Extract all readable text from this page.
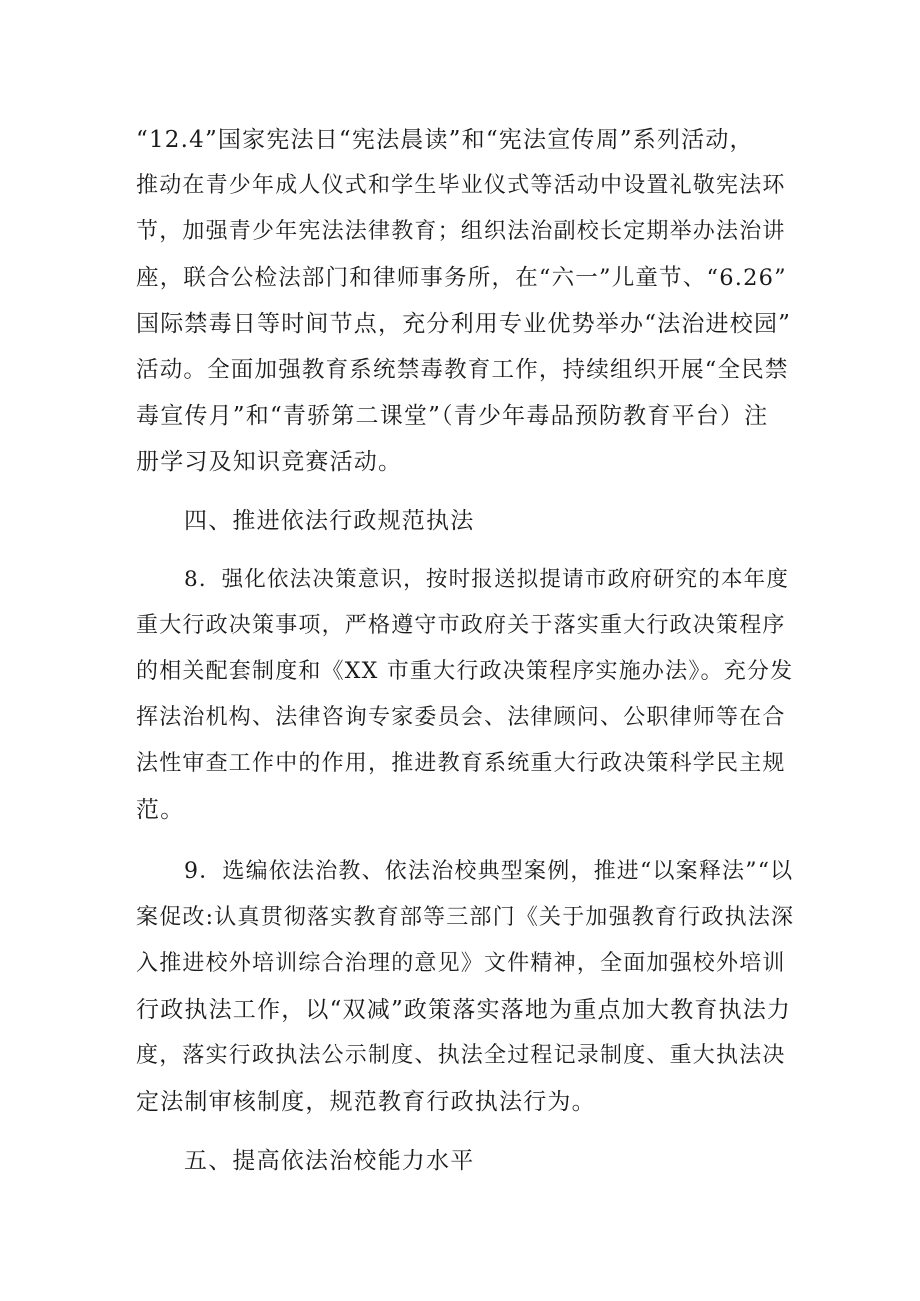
“12.4”国家宪法日“宪法晨读”和“宪法宣传周”系列活动，
推动在青少年成人仪式和学生毕业仪式等活动中设置礼敬宪法环
节，加强青少年宪法法律教育；组织法治副校长定期举办法治讲
座，联合公检法部门和律师事务所，在“六一”儿童节、“6.26”
国际禁毒日等时间节点，充分利用专业优势举办“法治进校园”
活动。全面加强教育系统禁毒教育工作，持续组织开展“全民禁
毒宣传月”和“青骄第二课堂”（青少年毒品预防教育平台）注
册学习及知识竞赛活动。
四、推进依法行政规范执法
8．强化依法决策意识，按时报送拟提请市政府研究的本年度
重大行政决策事项，严格遵守市政府关于落实重大行政决策程序
的相关配套制度和《XX 市重大行政决策程序实施办法》。充分发
挥法治机构、法律咨询专家委员会、法律顾问、公职律师等在合
法性审查工作中的作用，推进教育系统重大行政决策科学民主规
范。
9．选编依法治教、依法治校典型案例，推进“以案释法”“以
案促改:认真贯彻落实教育部等三部门《关于加强教育行政执法深
入推进校外培训综合治理的意见》文件精神，全面加强校外培训
行政执法工作，以“双减”政策落实落地为重点加大教育执法力
度，落实行政执法公示制度、执法全过程记录制度、重大执法决
定法制审核制度，规范教育行政执法行为。
五、提高依法治校能力水平
